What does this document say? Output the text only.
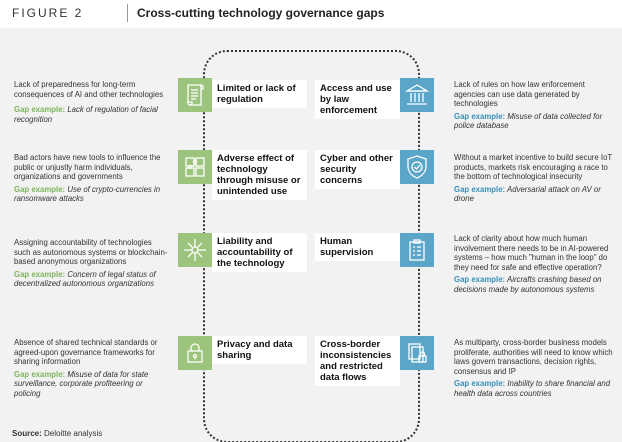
FIGURE 2	Cross-cutting technology governance gaps
Lack of preparedness for long-term consequences of AI and other technologies
Gap example: Lack of regulation of facial recognition
Limited or lack of regulation
Bad actors have new tools to influence the public or unjustly harm individuals, organizations and governments
Gap example: Use of crypto-currencies in ransomware attacks
Adverse effect of technology through misuse or unintended use
Assigning accountability of technologies such as autonomous systems or blockchain-based anonymous organizations
Gap example: Concern of legal status of decentralized autonomous organizations
Liability and accountability of the technology
Absence of shared technical standards or agreed-upon governance frameworks for sharing information
Gap example: Misuse of data for state surveillance, corporate profiteering or policing
Privacy and data sharing
Access and use by law enforcement
Lack of rules on how law enforcement agencies can use data generated by technologies
Gap example: Misuse of data collected for police database
Cyber and other security concerns
Without a market incentive to build secure IoT products, markets risk encouraging a race to the bottom of technological insecurity
Gap example: Adversarial attack on AV or drone
Human supervision
Lack of clarity about how much human involvement there needs to be in AI-powered systems – how much "human in the loop" do they need for safe and effective operation?
Gap example: Aircrafts crashing based on decisions made by autonomous systems
Cross-border inconsistencies and restricted data flows
As multiparty, cross-border business models proliferate, authorities will need to know which laws govern transactions, decision rights, consensus and IP
Gap example: Inability to share financial and health data across countries
Source: Deloitte analysis
